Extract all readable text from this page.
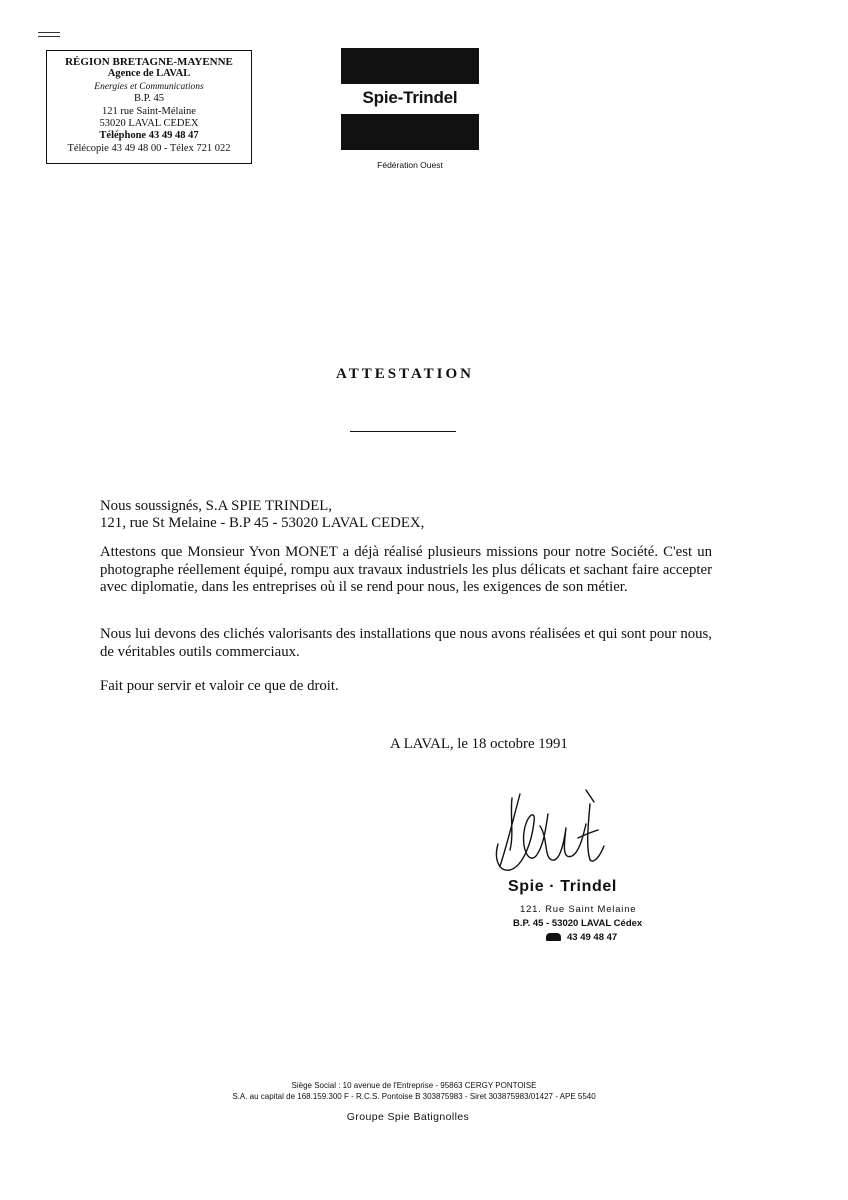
RÉGION BRETAGNE-MAYENNE
Agence de LAVAL
Energies et Communications
B.P. 45
121 rue Saint-Mélaine
53020 LAVAL CEDEX
Téléphone 43 49 48 47
Télécopie 43 49 48 00 - Télex 721 022
Spie-Trindel
Fédération Ouest
ATTESTATION
Nous soussignés, S.A SPIE TRINDEL,
121, rue St Melaine - B.P 45 - 53020 LAVAL CEDEX,
Attestons que Monsieur Yvon MONET a déjà réalisé plusieurs missions pour notre Société. C'est un photographe réellement équipé, rompu aux travaux industriels les plus délicats et sachant faire accepter avec diplomatie, dans les entreprises où il se rend pour nous, les exigences de son métier.
Nous lui devons des clichés valorisants des installations que nous avons réalisées et qui sont pour nous, de véritables outils commerciaux.
Fait pour servir et valoir ce que de droit.
A LAVAL, le 18 octobre 1991
Spie · Trindel
121. Rue Saint Melaine
B.P. 45 - 53020 LAVAL Cédex
43 49 48 47
Siège Social : 10 avenue de l'Entreprise - 95863 CERGY PONTOISE
S.A. au capital de 168.159.300 F - R.C.S. Pontoise B 303875983 - Siret 303875983/01427 - APE 5540
Groupe Spie Batignolles
